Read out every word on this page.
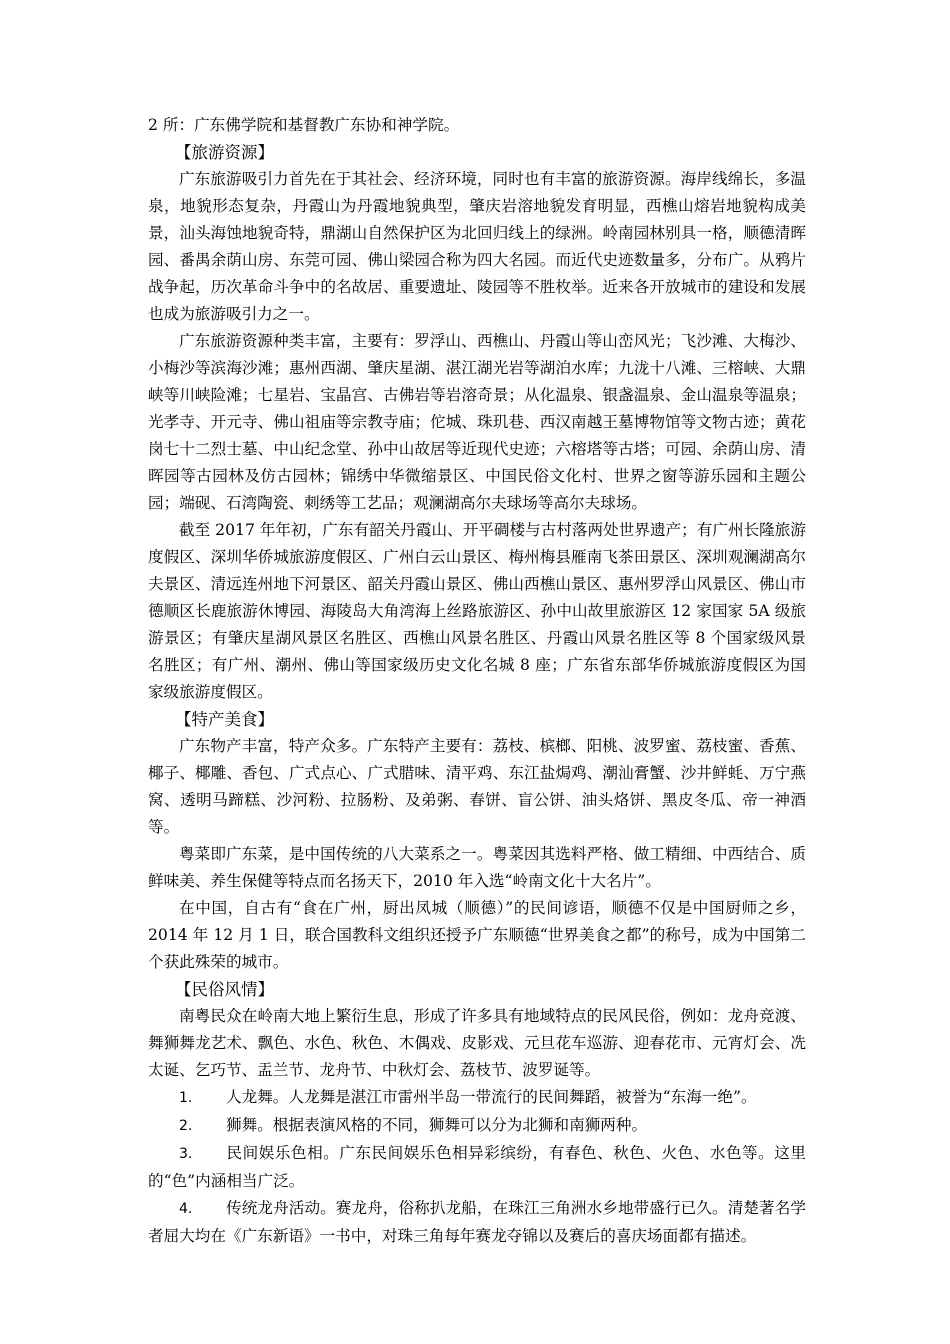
2 所：广东佛学院和基督教广东协和神学院。

【旅游资源】

广东旅游吸引力首先在于其社会、经济环境，同时也有丰富的旅游资源。海岸线绵长，多温泉，地貌形态复杂，丹霞山为丹霞地貌典型，肇庆岩溶地貌发育明显，西樵山熔岩地貌构成美景，汕头海蚀地貌奇特，鼎湖山自然保护区为北回归线上的绿洲。岭南园林别具一格，顺德清晖园、番禺余荫山房、东莞可园、佛山梁园合称为四大名园。而近代史迹数量多，分布广。从鸦片战争起，历次革命斗争中的名故居、重要遗址、陵园等不胜枚举。近来各开放城市的建设和发展也成为旅游吸引力之一。

广东旅游资源种类丰富，主要有：罗浮山、西樵山、丹霞山等山峦风光；飞沙滩、大梅沙、小梅沙等滨海沙滩；惠州西湖、肇庆星湖、湛江湖光岩等湖泊水库；九泷十八滩、三榕峡、大鼎峡等川峡险滩；七星岩、宝晶宫、古佛岩等岩溶奇景；从化温泉、银盏温泉、金山温泉等温泉；光孝寺、开元寺、佛山祖庙等宗教寺庙；佗城、珠玑巷、西汉南越王墓博物馆等文物古迹；黄花岗七十二烈士墓、中山纪念堂、孙中山故居等近现代史迹；六榕塔等古塔；可园、余荫山房、清晖园等古园林及仿古园林；锦绣中华微缩景区、中国民俗文化村、世界之窗等游乐园和主题公园；端砚、石湾陶瓷、刺绣等工艺品；观澜湖高尔夫球场等高尔夫球场。

截至 2017 年年初，广东有韶关丹霞山、开平碉楼与古村落两处世界遗产；有广州长隆旅游度假区、深圳华侨城旅游度假区、广州白云山景区、梅州梅县雁南飞茶田景区、深圳观澜湖高尔夫景区、清远连州地下河景区、韶关丹霞山景区、佛山西樵山景区、惠州罗浮山风景区、佛山市德顺区长鹿旅游休博园、海陵岛大角湾海上丝路旅游区、孙中山故里旅游区 12 家国家 5A 级旅游景区；有肇庆星湖风景区名胜区、西樵山风景名胜区、丹霞山风景名胜区等 8 个国家级风景名胜区；有广州、潮州、佛山等国家级历史文化名城 8 座；广东省东部华侨城旅游度假区为国家级旅游度假区。

【特产美食】

广东物产丰富，特产众多。广东特产主要有：荔枝、槟榔、阳桃、波罗蜜、荔枝蜜、香蕉、椰子、椰雕、香包、广式点心、广式腊味、清平鸡、东江盐焗鸡、潮汕膏蟹、沙井鲜蚝、万宁燕窝、透明马蹄糕、沙河粉、拉肠粉、及弟粥、春饼、盲公饼、油头烙饼、黑皮冬瓜、帝一神酒等。

粤菜即广东菜，是中国传统的八大菜系之一。粤菜因其选料严格、做工精细、中西结合、质鲜味美、养生保健等特点而名扬天下，2010 年入选“岭南文化十大名片”。

在中国，自古有“食在广州，厨出凤城（顺德）”的民间谚语，顺德不仅是中国厨师之乡，2014 年 12 月 1 日，联合国教科文组织还授予广东顺德“世界美食之都”的称号，成为中国第二个获此殊荣的城市。

【民俗风情】

南粤民众在岭南大地上繁衍生息，形成了许多具有地域特点的民风民俗，例如：龙舟竞渡、舞狮舞龙艺术、飘色、水色、秋色、木偶戏、皮影戏、元旦花车巡游、迎春花市、元宵灯会、冼太诞、乞巧节、盂兰节、龙舟节、中秋灯会、荔枝节、波罗诞等。

1. 人龙舞。人龙舞是湛江市雷州半岛一带流行的民间舞蹈，被誉为“东海一绝”。

2. 狮舞。根据表演风格的不同，狮舞可以分为北狮和南狮两种。

3. 民间娱乐色相。广东民间娱乐色相异彩缤纷，有春色、秋色、火色、水色等。这里的“色”内涵相当广泛。

4. 传统龙舟活动。赛龙舟，俗称扒龙船，在珠江三角洲水乡地带盛行已久。清楚著名学者屈大均在《广东新语》一书中，对珠三角每年赛龙夺锦以及赛后的喜庆场面都有描述。
